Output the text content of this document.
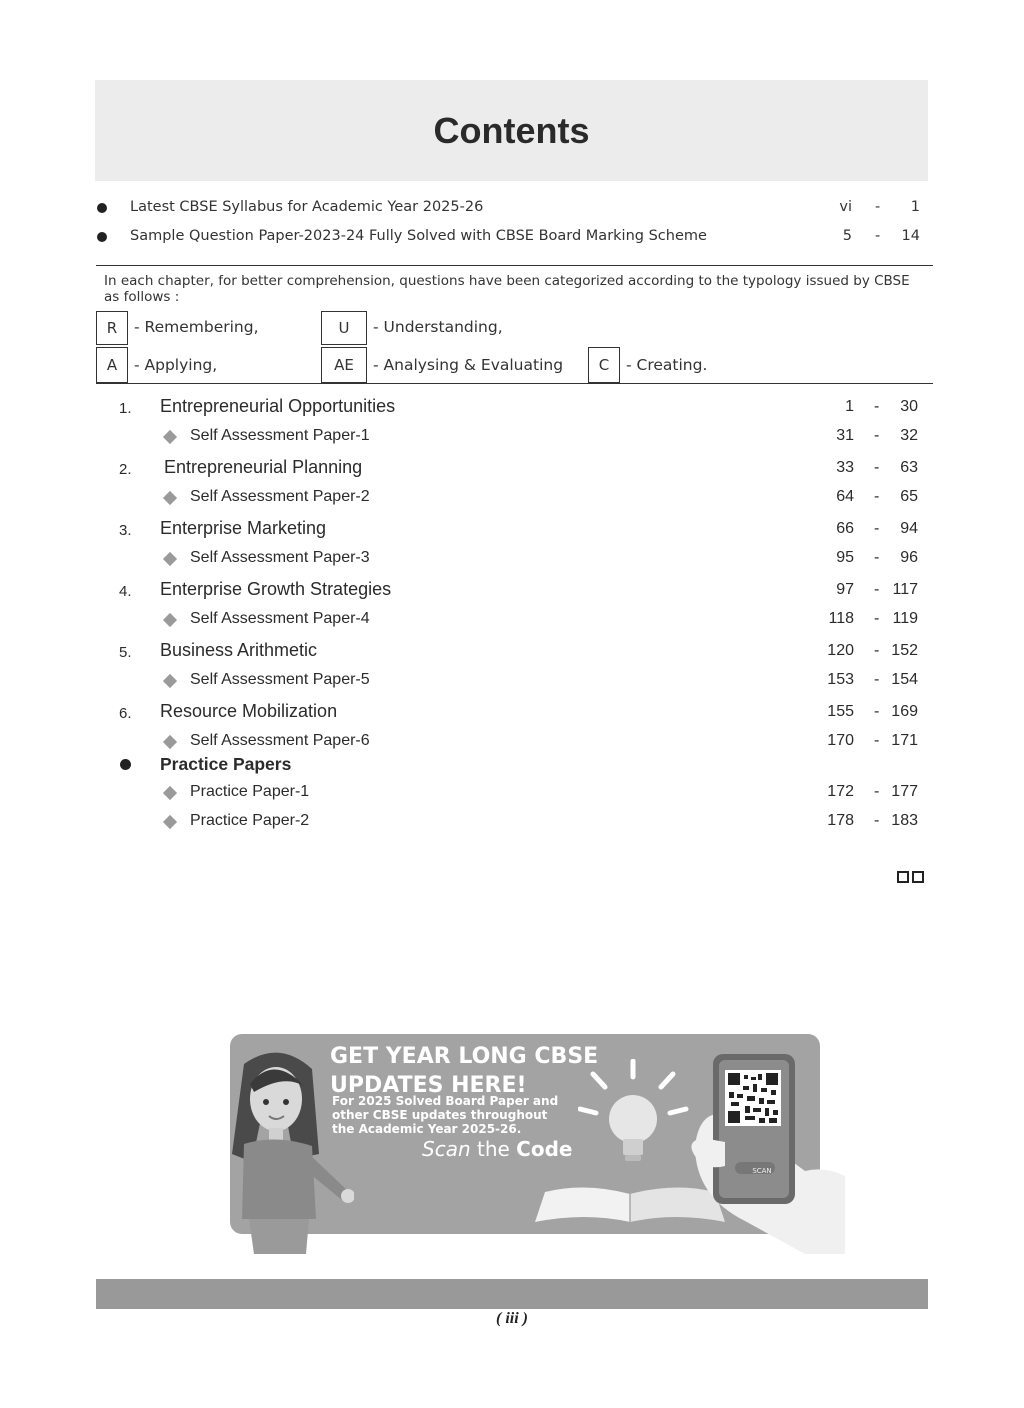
Contents
Latest CBSE Syllabus for Academic Year 2025-26	vi - 1
Sample Question Paper-2023-24 Fully Solved with CBSE Board Marking Scheme	5 - 14
In each chapter, for better comprehension, questions have been categorized according to the typology issued by CBSE as follows :
R	- Remembering,	U	- Understanding,
A	- Applying,	AE	- Analysing & Evaluating	C	- Creating.
1. Entrepreneurial Opportunities	1 - 30
Self Assessment Paper-1	31 - 32
2. Entrepreneurial Planning	33 - 63
Self Assessment Paper-2	64 - 65
3. Enterprise Marketing	66 - 94
Self Assessment Paper-3	95 - 96
4. Enterprise Growth Strategies	97 - 117
Self Assessment Paper-4	118 - 119
5. Business Arithmetic	120 - 152
Self Assessment Paper-5	153 - 154
6. Resource Mobilization	155 - 169
Self Assessment Paper-6	170 - 171
Practice Papers
Practice Paper-1	172 - 177
Practice Paper-2	178 - 183
GET YEAR LONG CBSE
UPDATES HERE!
For 2025 Solved Board Paper and
other CBSE updates throughout
the Academic Year 2025-26.
Scan the Code
SCAN
( iii )
